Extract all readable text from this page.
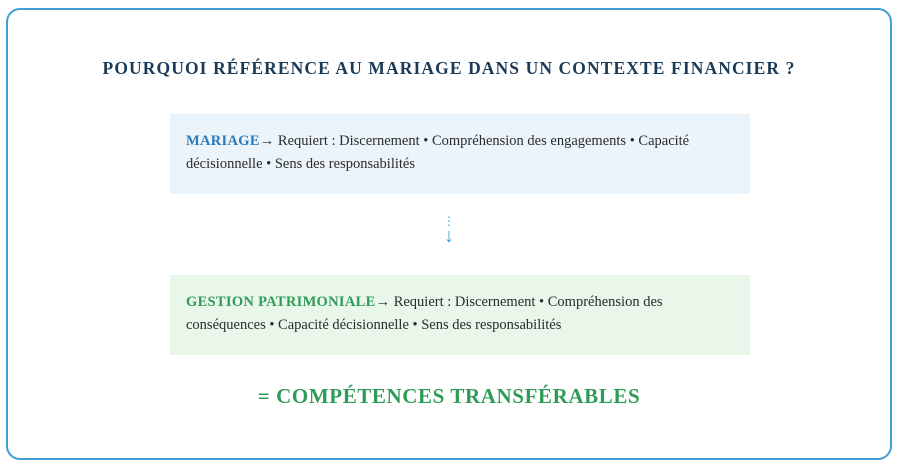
POURQUOI RÉFÉRENCE AU MARIAGE DANS UN CONTEXTE FINANCIER ?
MARIAGE→ Requiert : Discernement • Compréhension des engagements • Capacité décisionnelle • Sens des responsabilités
⋮
↓
GESTION PATRIMONIALE→ Requiert : Discernement • Compréhension des conséquences • Capacité décisionnelle • Sens des responsabilités
= COMPÉTENCES TRANSFÉRABLES
